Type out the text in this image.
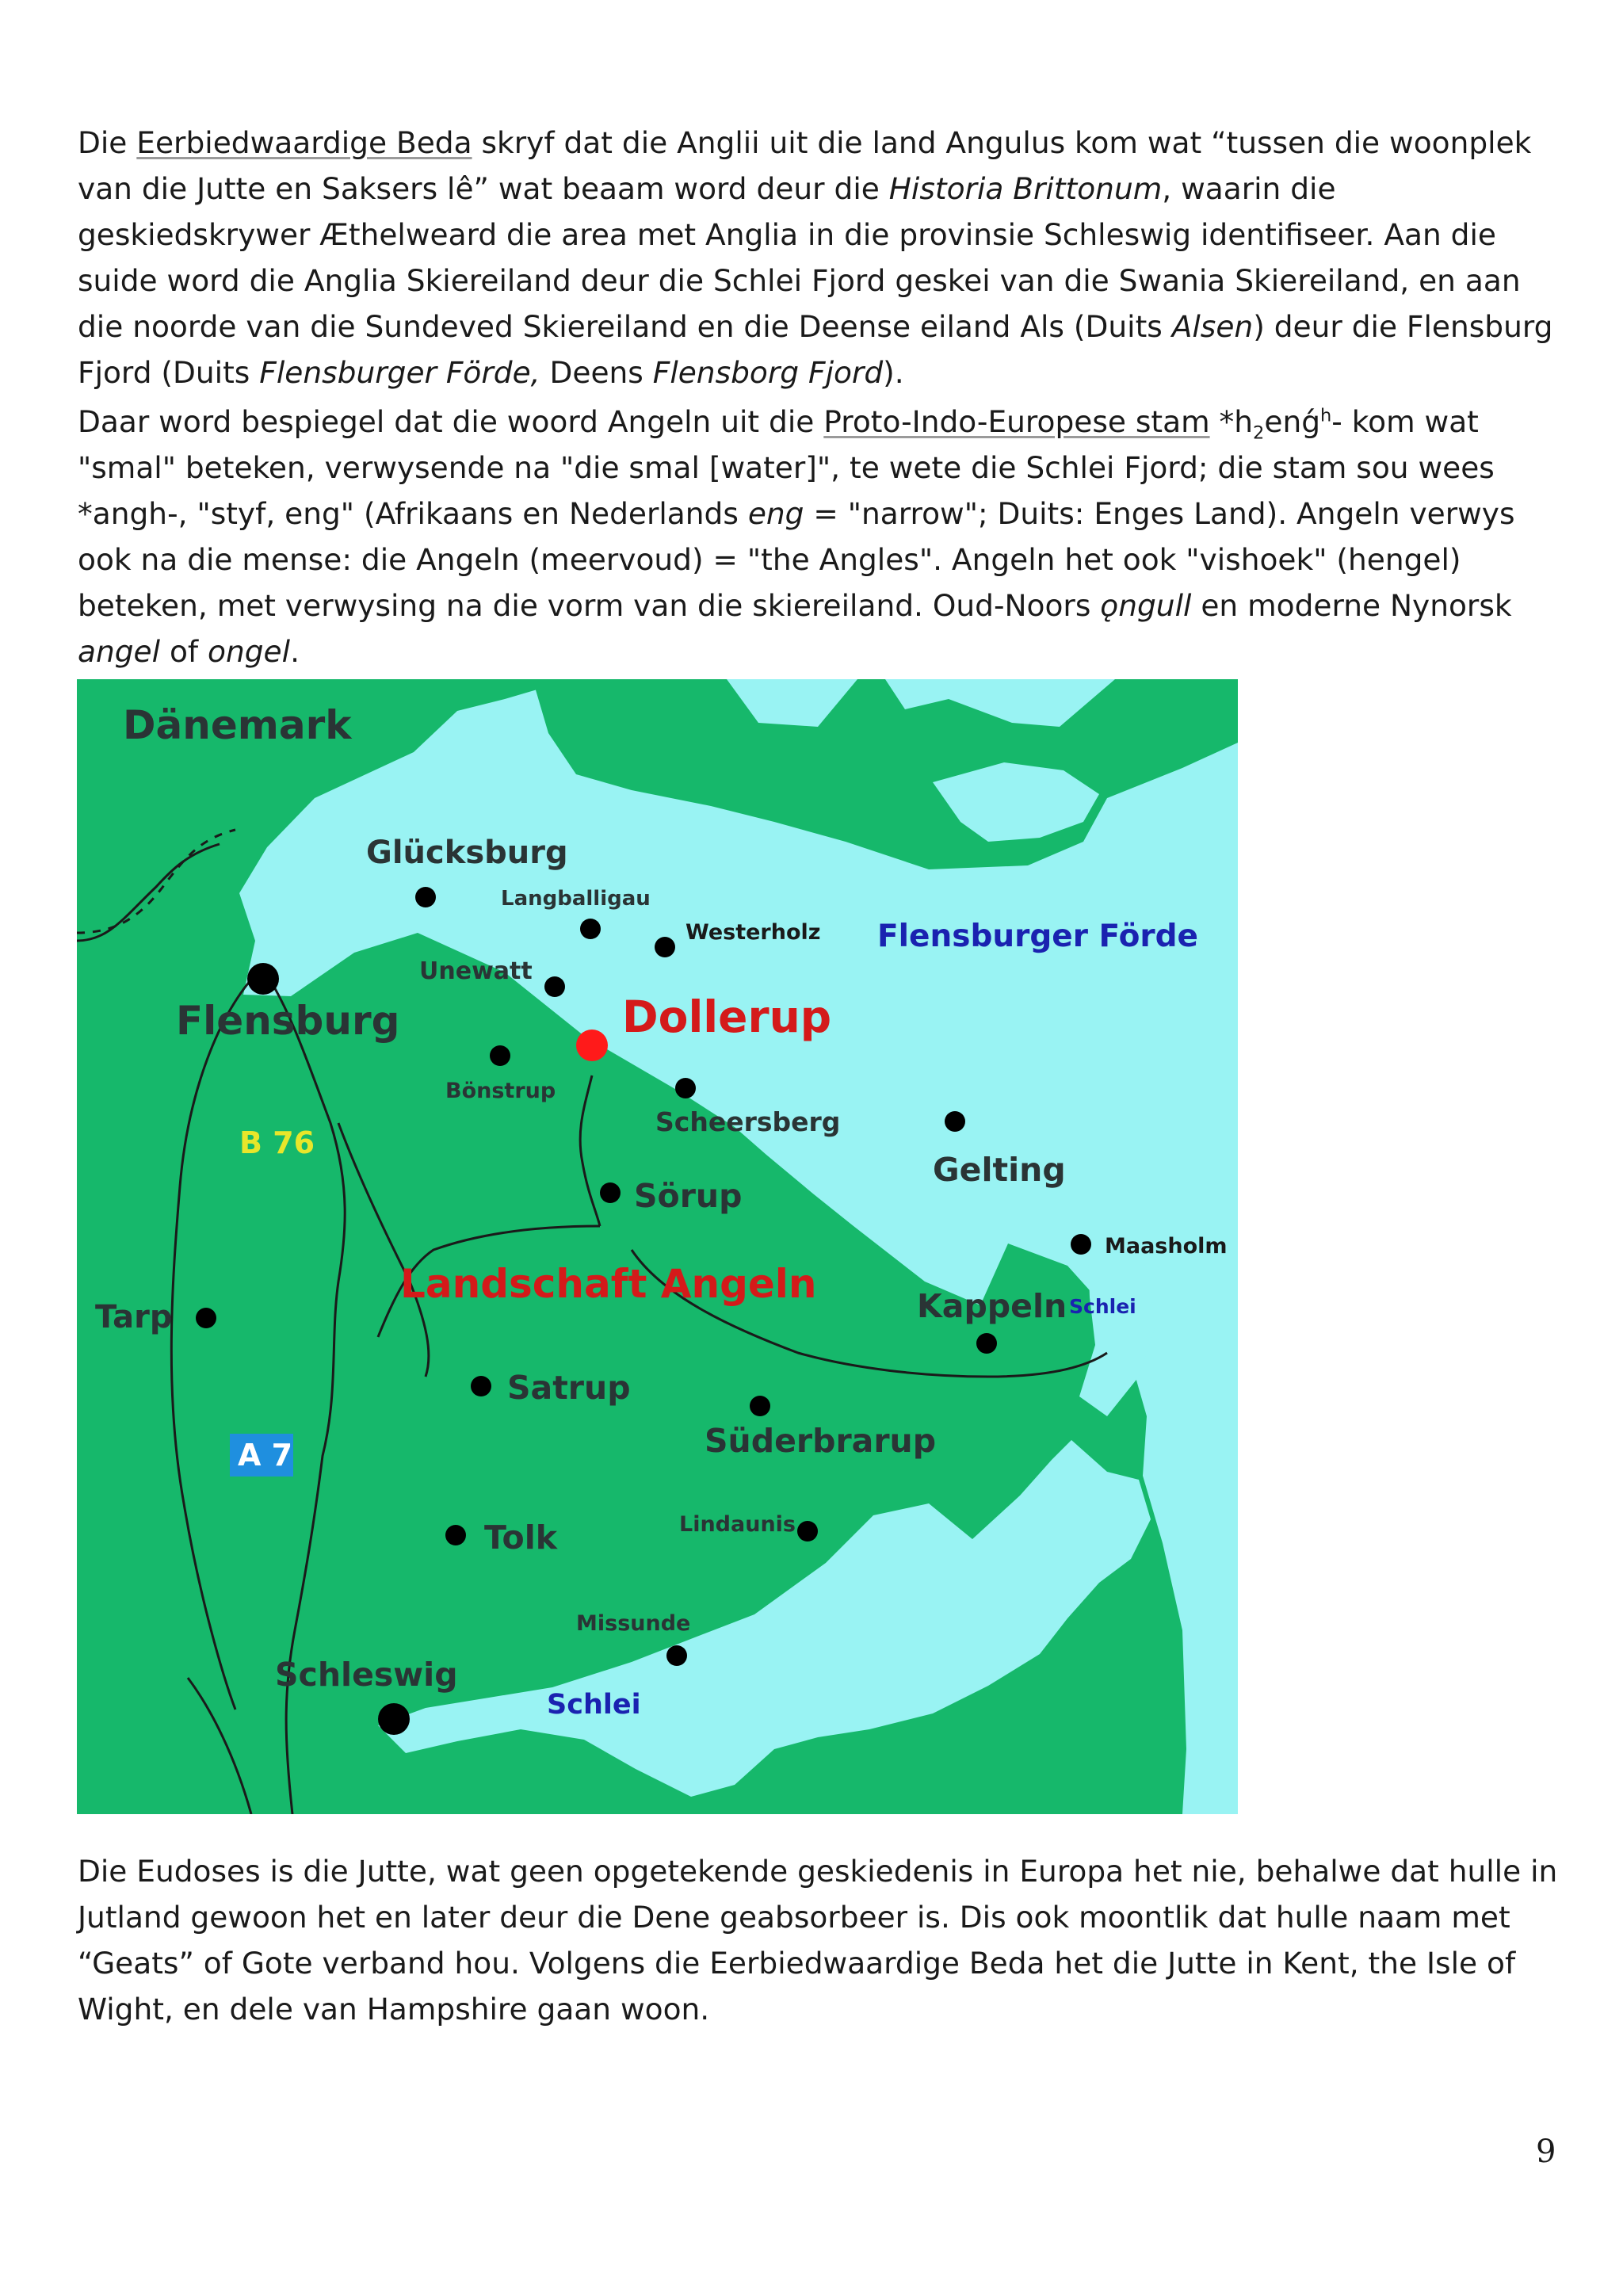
Die Eerbiedwaardige Beda skryf dat die Anglii uit die land Angulus kom wat “tussen die woonplek van die Jutte en Saksers lê” wat beaam word deur die Historia Brittonum, waarin die geskiedskrywer Æthelweard die area met Anglia in die provinsie Schleswig identifiseer. Aan die suide word die Anglia Skiereiland deur die Schlei Fjord geskei van die Swania Skiereiland, en aan die noorde van die Sundeved Skiereiland en die Deense eiland Als (Duits Alsen) deur die Flensburg Fjord (Duits Flensburger Förde, Deens Flensborg Fjord).

Daar word bespiegel dat die woord Angeln uit die Proto-Indo-Europese stam $*h_2enǵ^h-$ kom wat "smal" beteken, verwysende na "die smal [water]", te wete die Schlei Fjord; die stam sou wees *angh-, "styf, eng" (Afrikaans en Nederlands eng = "narrow"; Duits: Enges Land). Angeln verwys ook na die mense: die Angeln (meervoud) = "the Angles". Angeln het ook "vishoek" (hengel) beteken, met verwysing na die vorm van die skiereiland. Oud-Noors ǫngull en moderne Nynorsk angel of ongel.

Dänemark
Flensburger Förde
Glücksburg
Langballigau
Westerholz
Unewatt
Flensburg	Dollerup
Bönstrup
Scheersberg
B 76
Gelting
Sörup
Maasholm
Landschaft Angeln	Kappeln Schlei
Tarp
Satrup
Süderbrarup
A 7
Tolk	Lindaunis
Missunde
Schleswig
Schlei

Die Eudoses is die Jutte, wat geen opgetekende geskiedenis in Europa het nie, behalwe dat hulle in Jutland gewoon het en later deur die Dene geabsorbeer is. Dis ook moontlik dat hulle naam met “Geats” of Gote verband hou. Volgens die Eerbiedwaardige Beda het die Jutte in Kent, the Isle of Wight, en dele van Hampshire gaan woon.

9
